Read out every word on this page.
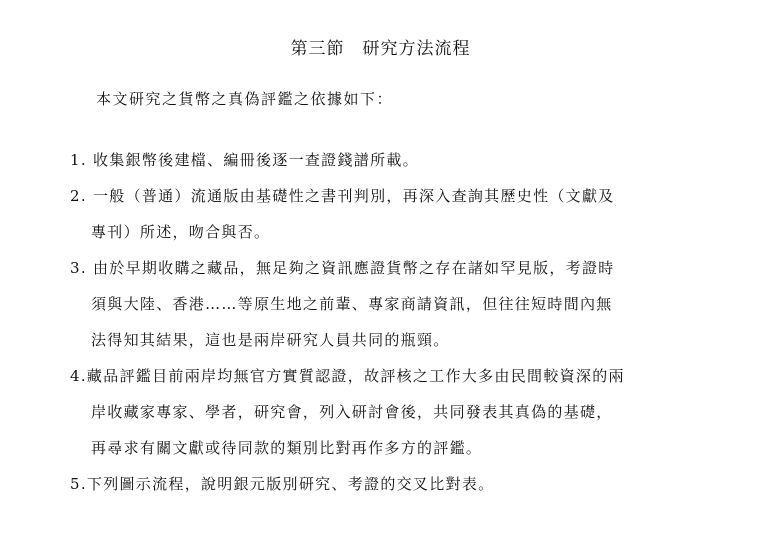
第三節　研究方法流程
本文研究之貨幣之真偽評鑑之依據如下：
1. 收集銀幣後建檔、編冊後逐一查證錢譜所載。
2. 一般（普通）流通版由基礎性之書刊判別，再深入查詢其歷史性（文獻及
專刊）所述，吻合與否。
3. 由於早期收購之藏品，無足夠之資訊應證貨幣之存在諸如罕見版，考證時
須與大陸、香港……等原生地之前輩、專家商請資訊，但往往短時間內無
法得知其結果，這也是兩岸研究人員共同的瓶頸。
4.藏品評鑑目前兩岸均無官方實質認證，故評核之工作大多由民間較資深的兩
岸收藏家專家、學者，研究會，列入研討會後，共同發表其真偽的基礎，
再尋求有關文獻或待同款的類別比對再作多方的評鑑。
5.下列圖示流程，說明銀元版別研究、考證的交叉比對表。
